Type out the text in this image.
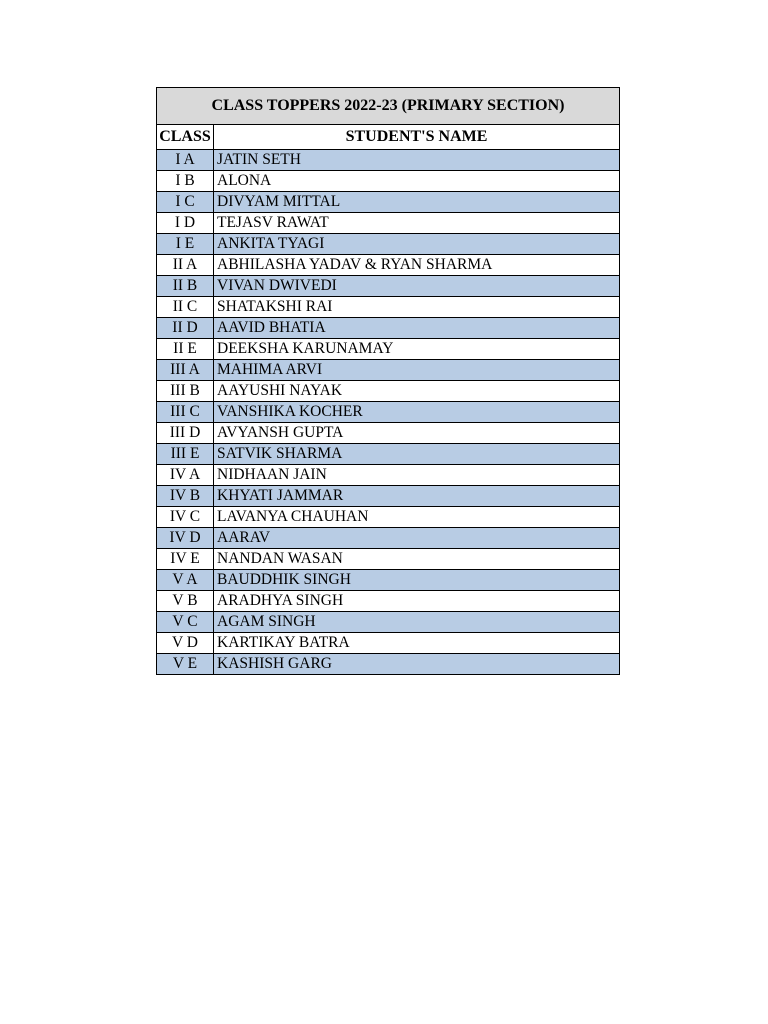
CLASS TOPPERS 2022-23 (PRIMARY SECTION)	
CLASS	STUDENT'S NAME
I A	JATIN SETH
I B	ALONA
I C	DIVYAM MITTAL
I D	TEJASV RAWAT
I E	ANKITA TYAGI
II A	ABHILASHA YADAV & RYAN SHARMA
II B	VIVAN DWIVEDI
II C	SHATAKSHI RAI
II D	AAVID BHATIA
II E	DEEKSHA KARUNAMAY
III A	MAHIMA ARVI
III B	AAYUSHI NAYAK
III C	VANSHIKA KOCHER
III D	AVYANSH GUPTA
III E	SATVIK SHARMA
IV A	NIDHAAN JAIN
IV B	KHYATI JAMMAR
IV C	LAVANYA CHAUHAN
IV D	AARAV
IV E	NANDAN WASAN
V A	BAUDDHIK SINGH
V B	ARADHYA SINGH
V C	AGAM SINGH
V D	KARTIKAY BATRA
V E	KASHISH GARG
